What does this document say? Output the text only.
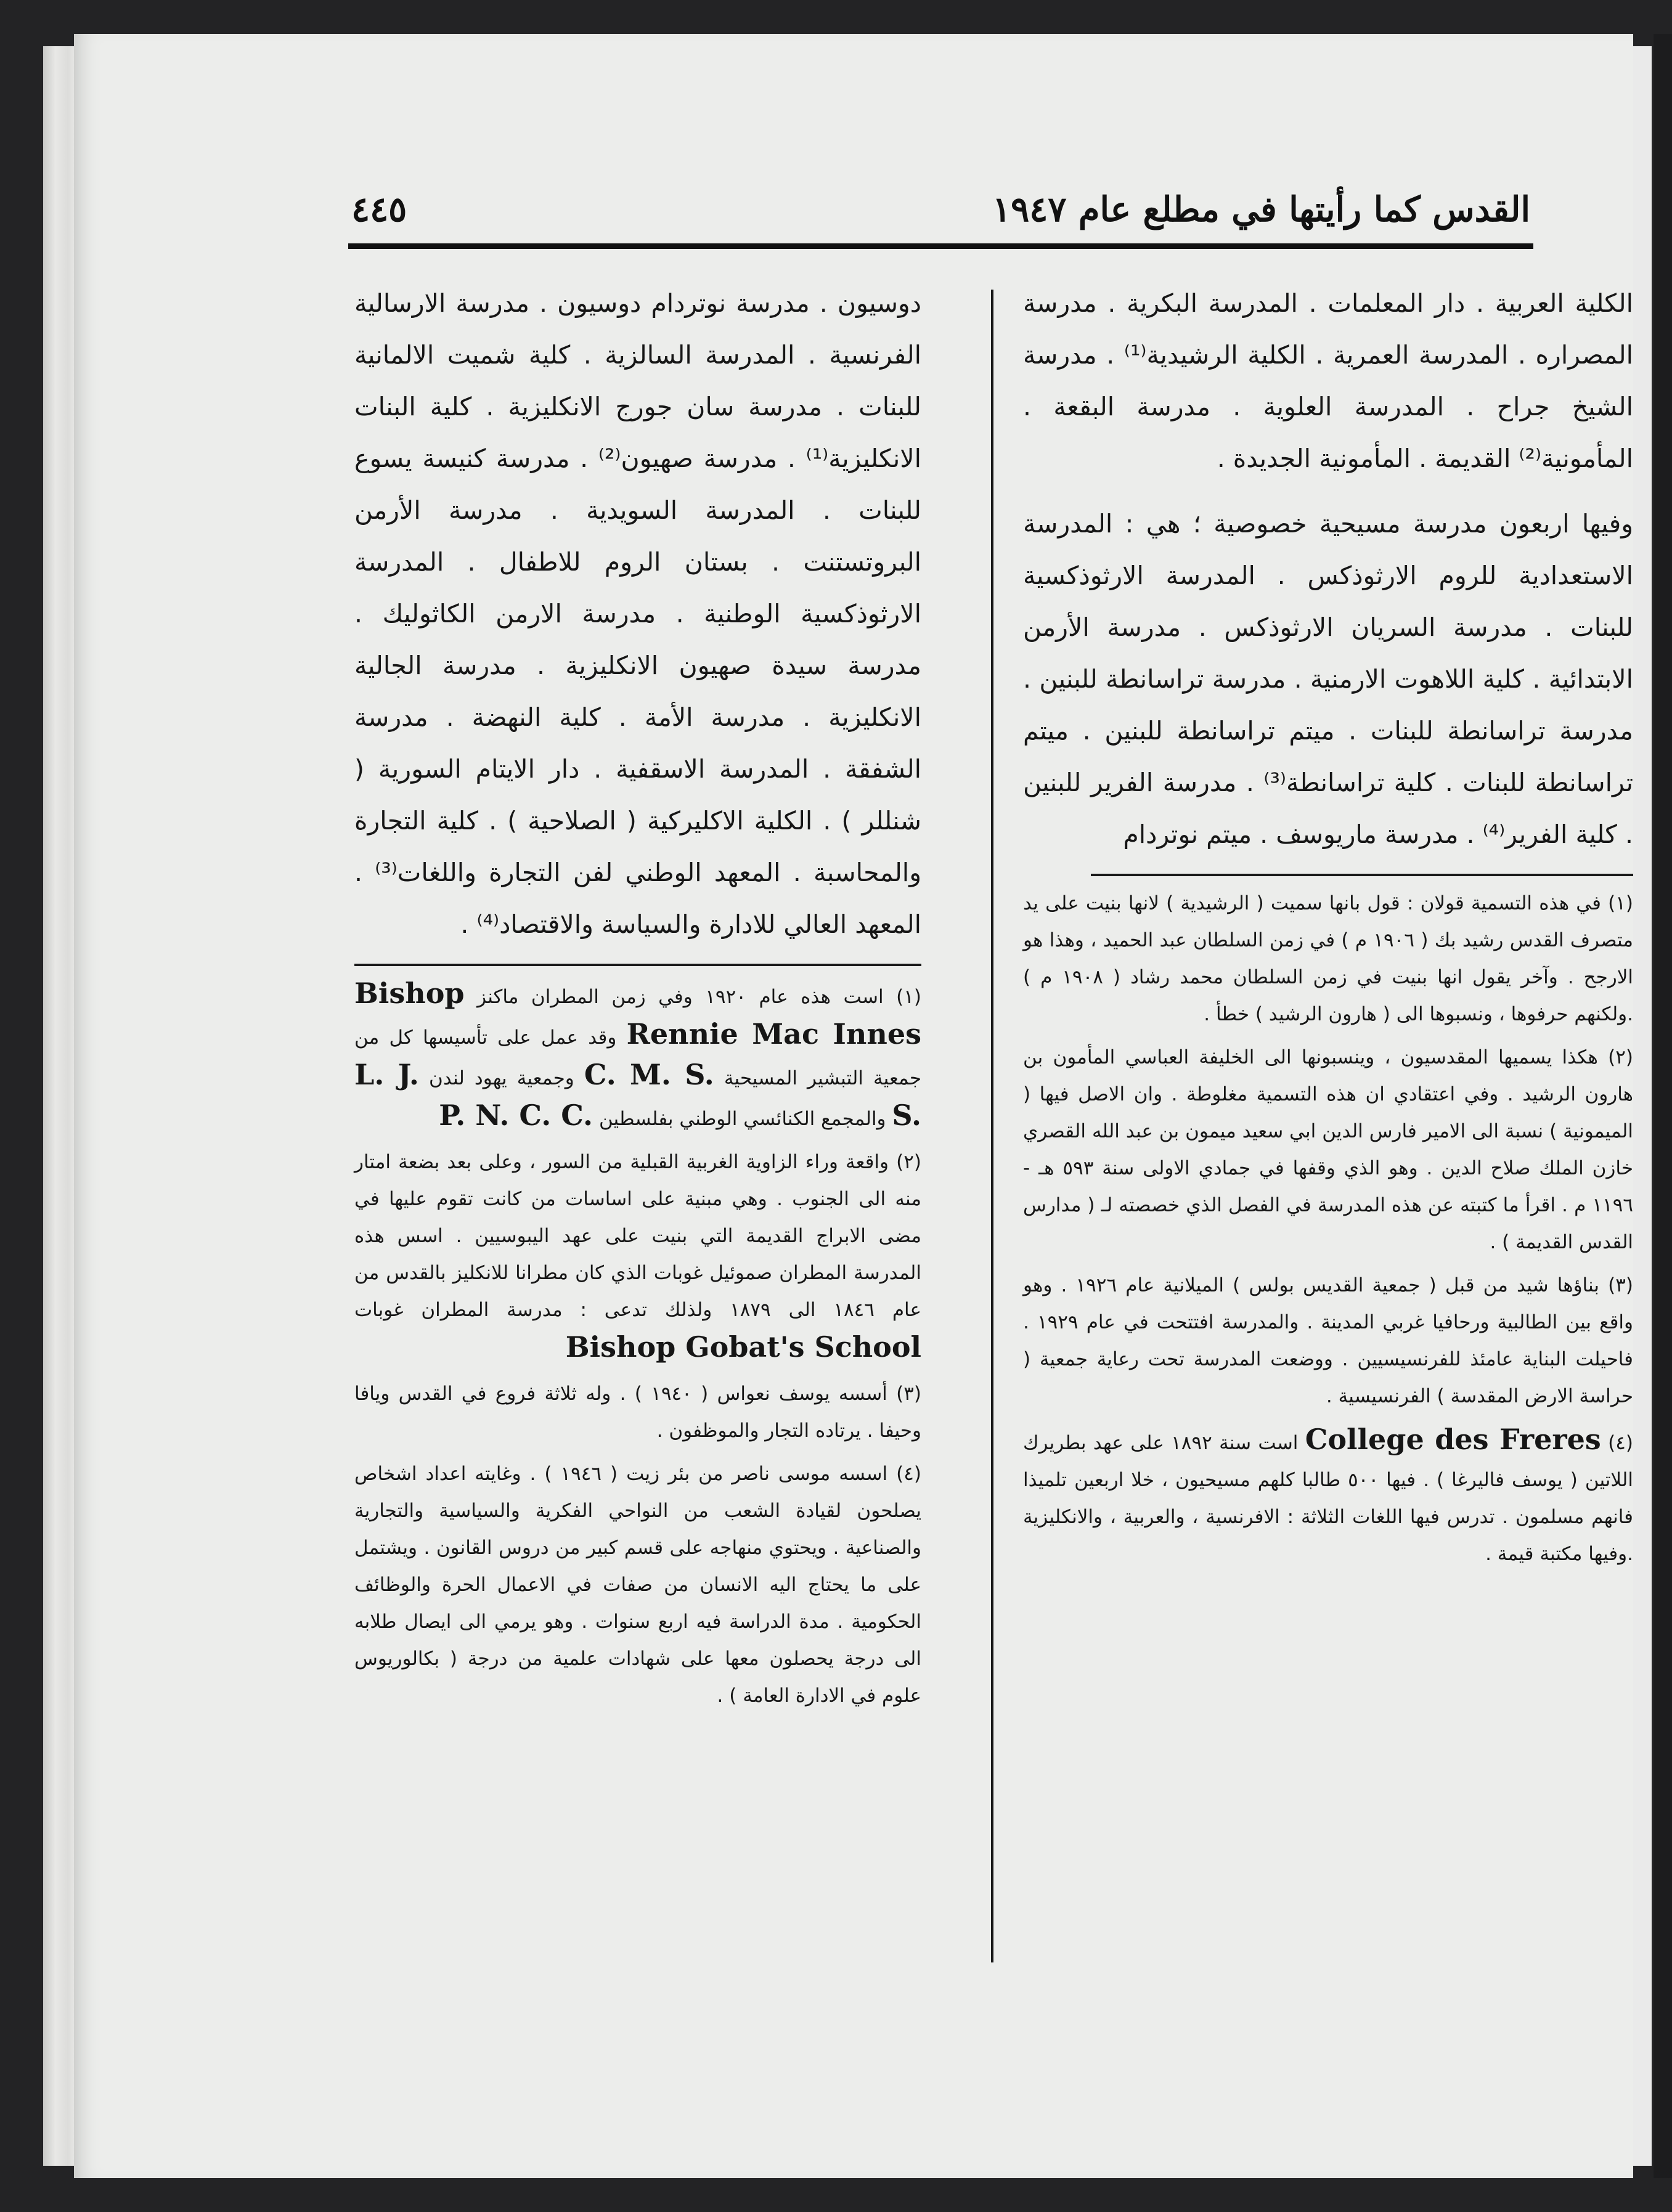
القدس كما رأيتها في مطلع عام ١٩٤٧
٤٤٥

الكلية العربية . دار المعلمات . المدرسة البكرية . مدرسة المصراره . المدرسة العمرية . الكلية الرشيدية⁽¹⁾ . مدرسة الشيخ جراح . المدرسة العلوية . مدرسة البقعة . المأمونية⁽²⁾ القديمة . المأمونية الجديدة .

وفيها اربعون مدرسة مسيحية خصوصية ؛ هي : المدرسة الاستعدادية للروم الارثوذكس . المدرسة الارثوذكسية للبنات . مدرسة السريان الارثوذكس . مدرسة الأرمن الابتدائية . كلية اللاهوت الارمنية . مدرسة تراسانطة للبنين . مدرسة تراسانطة للبنات . ميتم تراسانطة للبنين . ميتم تراسانطة للبنات . كلية تراسانطة⁽³⁾ . مدرسة الفرير للبنين . كلية الفرير⁽⁴⁾ . مدرسة ماريوسف . ميتم نوتردام

(١) في هذه التسمية قولان : قول بانها سميت ( الرشيدية ) لانها بنيت على يد متصرف القدس رشيد بك ( ١٩٠٦ م ) في زمن السلطان عبد الحميد ، وهذا هو الارجح . وآخر يقول انها بنيت في زمن السلطان محمد رشاد ( ١٩٠٨ م ) .ولكنهم حرفوها ، ونسبوها الى ( هارون الرشيد ) خطأ .

(٢) هكذا يسميها المقدسيون ، وينسبونها الى الخليفة العباسي المأمون بن هارون الرشيد . وفي اعتقادي ان هذه التسمية مغلوطة . وان الاصل فيها ( الميمونية ) نسبة الى الامير فارس الدين ابي سعيد ميمون بن عبد الله القصري خازن الملك صلاح الدين . وهو الذي وقفها في جمادي الاولى سنة ٥٩٣ هـ - ١١٩٦ م . اقرأ ما كتبته عن هذه المدرسة في الفصل الذي خصصته لـ ( مدارس القدس القديمة ) .

(٣) بناؤها شيد من قبل ( جمعية القديس بولس ) الميلانية عام ١٩٢٦ . وهو واقع بين الطالبية ورحافيا غربي المدينة . والمدرسة افتتحت في عام ١٩٢٩ . فاحيلت البناية عامئذ للفرنسيسيين . ووضعت المدرسة تحت رعاية جمعية ( حراسة الارض المقدسة ) الفرنسيسية .

(٤) College des Freres است سنة ١٨٩٢ على عهد بطريرك اللاتين ( يوسف فاليرغا ) . فيها ٥٠٠ طالبا كلهم مسيحيون ، خلا اربعين تلميذا فانهم مسلمون . تدرس فيها اللغات الثلاثة : الافرنسية ، والعربية ، والانكليزية .وفيها مكتبة قيمة .

دوسيون . مدرسة نوتردام دوسيون . مدرسة الارسالية الفرنسية . المدرسة السالزية . كلية شميت الالمانية للبنات . مدرسة سان جورج الانكليزية . كلية البنات الانكليزية⁽¹⁾ . مدرسة صهيون⁽²⁾ . مدرسة كنيسة يسوع للبنات . المدرسة السويدية . مدرسة الأرمن البروتستنت . بستان الروم للاطفال . المدرسة الارثوذكسية الوطنية . مدرسة الارمن الكاثوليك . مدرسة سيدة صهيون الانكليزية . مدرسة الجالية الانكليزية . مدرسة الأمة . كلية النهضة . مدرسة الشفقة . المدرسة الاسقفية . دار الايتام السورية ( شنللر ) . الكلية الاكليركية ( الصلاحية ) . كلية التجارة والمحاسبة . المعهد الوطني لفن التجارة واللغات⁽³⁾ . المعهد العالي للادارة والسياسة والاقتصاد⁽⁴⁾ .

(١) است هذه عام ١٩٢٠ وفي زمن المطران ماكنز Bishop Rennie Mac Innes وقد عمل على تأسيسها كل من جمعية التبشير المسيحية C. M. S. وجمعية يهود لندن L. J. S. والمجمع الكنائسي الوطني بفلسطين P. N. C. C.

(٢) واقعة وراء الزاوية الغربية القبلية من السور ، وعلى بعد بضعة امتار منه الى الجنوب . وهي مبنية على اساسات من كانت تقوم عليها في مضى الابراج القديمة التي بنيت على عهد اليبوسيين . اسس هذه المدرسة المطران صموئيل غوبات الذي كان مطرانا للانكليز بالقدس من عام ١٨٤٦ الى ١٨٧٩ ولذلك تدعى : مدرسة المطران غوبات Bishop Gobat's School

(٣) أسسه يوسف نعواس ( ١٩٤٠ ) . وله ثلاثة فروع في القدس ويافا وحيفا . يرتاده التجار والموظفون .

(٤) اسسه موسى ناصر من بئر زيت ( ١٩٤٦ ) . وغايته اعداد اشخاص يصلحون لقيادة الشعب من النواحي الفكرية والسياسية والتجارية والصناعية . ويحتوي منهاجه على قسم كبير من دروس القانون . ويشتمل على ما يحتاج اليه الانسان من صفات في الاعمال الحرة والوظائف الحكومية . مدة الدراسة فيه اربع سنوات . وهو يرمي الى ايصال طلابه الى درجة يحصلون معها على شهادات علمية من درجة ( بكالوريوس علوم في الادارة العامة ) .
